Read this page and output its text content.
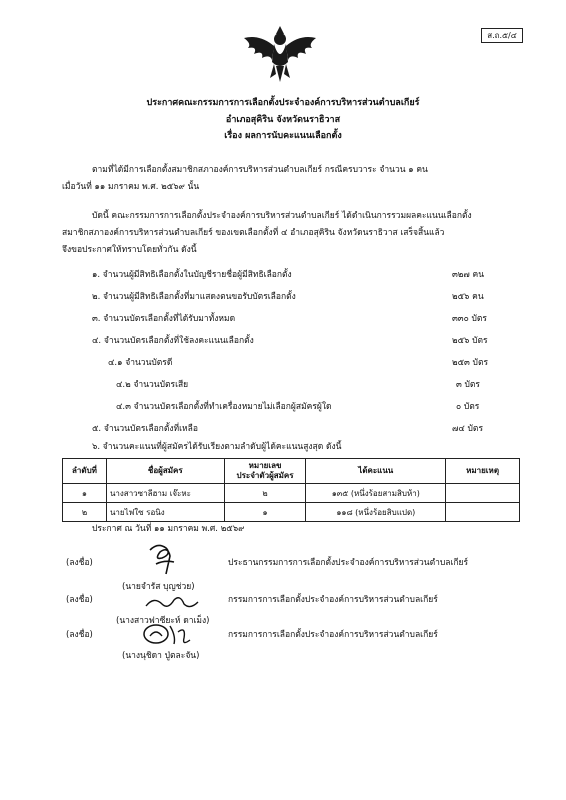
ส.ถ.๕/๔
ประกาศคณะกรรมการการเลือกตั้งประจำองค์การบริหารส่วนตำบลเกียร์
อำเภอสุคิริน จังหวัดนราธิวาส
เรื่อง ผลการนับคะแนนเลือกตั้ง
ตามที่ได้มีการเลือกตั้งสมาชิกสภาองค์การบริหารส่วนตำบลเกียร์ กรณีครบวาระ จำนวน ๑ คน
เมื่อวันที่ ๑๑ มกราคม พ.ศ. ๒๕๖๙ นั้น
บัดนี้ คณะกรรมการการเลือกตั้งประจำองค์การบริหารส่วนตำบลเกียร์ ได้ดำเนินการรวมผลคะแนนเลือกตั้ง
สมาชิกสภาองค์การบริหารส่วนตำบลเกียร์ ของเขตเลือกตั้งที่ ๔ อำเภอสุคิริน จังหวัดนราธิวาส เสร็จสิ้นแล้ว
จึงขอประกาศให้ทราบโดยทั่วกัน ดังนี้
๑. จำนวนผู้มีสิทธิเลือกตั้งในบัญชีรายชื่อผู้มีสิทธิเลือกตั้ง	๓๒๗ คน
๒. จำนวนผู้มีสิทธิเลือกตั้งที่มาแสดงตนขอรับบัตรเลือกตั้ง	๒๕๖ คน
๓. จำนวนบัตรเลือกตั้งที่ได้รับมาทั้งหมด	๓๓๐ บัตร
๔. จำนวนบัตรเลือกตั้งที่ใช้ลงคะแนนเลือกตั้ง	๒๕๖ บัตร
๔.๑ จำนวนบัตรดี	๒๕๓ บัตร
๔.๒ จำนวนบัตรเสีย	๓ บัตร
๔.๓ จำนวนบัตรเลือกตั้งที่ทำเครื่องหมายไม่เลือกผู้สมัครผู้ใด	๐ บัตร
๕. จำนวนบัตรเลือกตั้งที่เหลือ	๗๔ บัตร
๖. จำนวนคะแนนที่ผู้สมัครได้รับเรียงตามลำดับผู้ได้คะแนนสูงสุด ดังนี้
ลำดับที่	ชื่อผู้สมัคร	หมายเลข
ประจำตัวผู้สมัคร	ได้คะแนน	หมายเหตุ
๑	นางสาวซาลีฮาม เจ๊ะหะ	๒	๑๓๕ (หนึ่งร้อยสามสิบห้า)	
๒	นายไฟใซ รอนิง	๑	๑๑๘ (หนึ่งร้อยสิบแปด)	
ประกาศ ณ วันที่ ๑๑ มกราคม พ.ศ. ๒๕๖๙
(ลงชื่อ)
(นายจำรัส บุญช่วย)
ประธานกรรมการการเลือกตั้งประจำองค์การบริหารส่วนตำบลเกียร์
(ลงชื่อ)
(นางสาวฟาซียะห์ ดาเม็ง)
กรรมการการเลือกตั้งประจำองค์การบริหารส่วนตำบลเกียร์
(ลงชื่อ)
(นางนุชิดา ปู่ตละจัน)
กรรมการการเลือกตั้งประจำองค์การบริหารส่วนตำบลเกียร์
